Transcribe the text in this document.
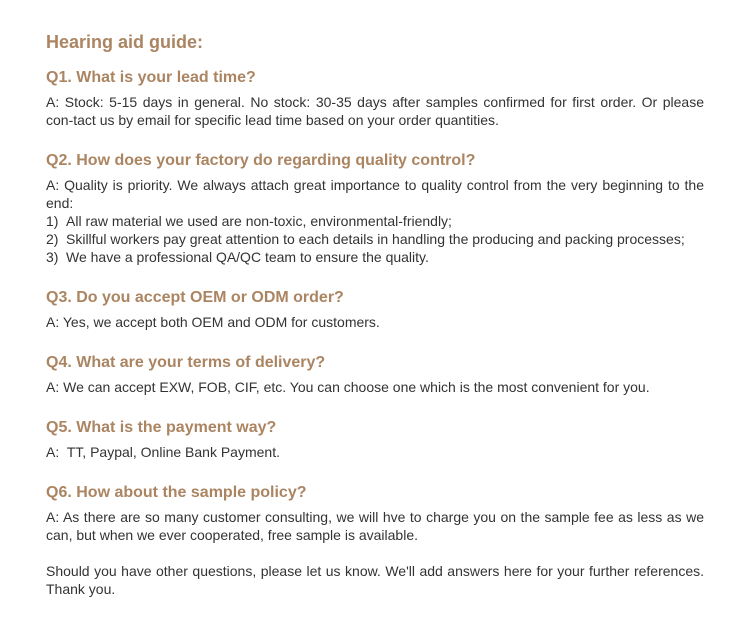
Hearing aid guide:
Q1. What is your lead time?

A: Stock: 5-15 days in general. No stock: 30-35 days after samples confirmed for first order. Or please con-tact us by email for specific lead time based on your order quantities.

Q2. How does your factory do regarding quality control?

A: Quality is priority. We always attach great importance to quality control from the very beginning to the end:

1) All raw material we used are non-toxic, environmental-friendly;
2) Skillful workers pay great attention to each details in handling the producing and packing processes;
3) We have a professional QA/QC team to ensure the quality.
Q3. Do you accept OEM or ODM order?

A: Yes, we accept both OEM and ODM for customers.

Q4. What are your terms of delivery?

A: We can accept EXW, FOB, CIF, etc. You can choose one which is the most convenient for you.

Q5. What is the payment way?

A:  TT, Paypal, Online Bank Payment.

Q6. How about the sample policy?

A: As there are so many customer consulting, we will hve to charge you on the sample fee as less as we can, but when we ever cooperated, free sample is available.

Should you have other questions, please let us know. We'll add answers here for your further references. Thank you.
